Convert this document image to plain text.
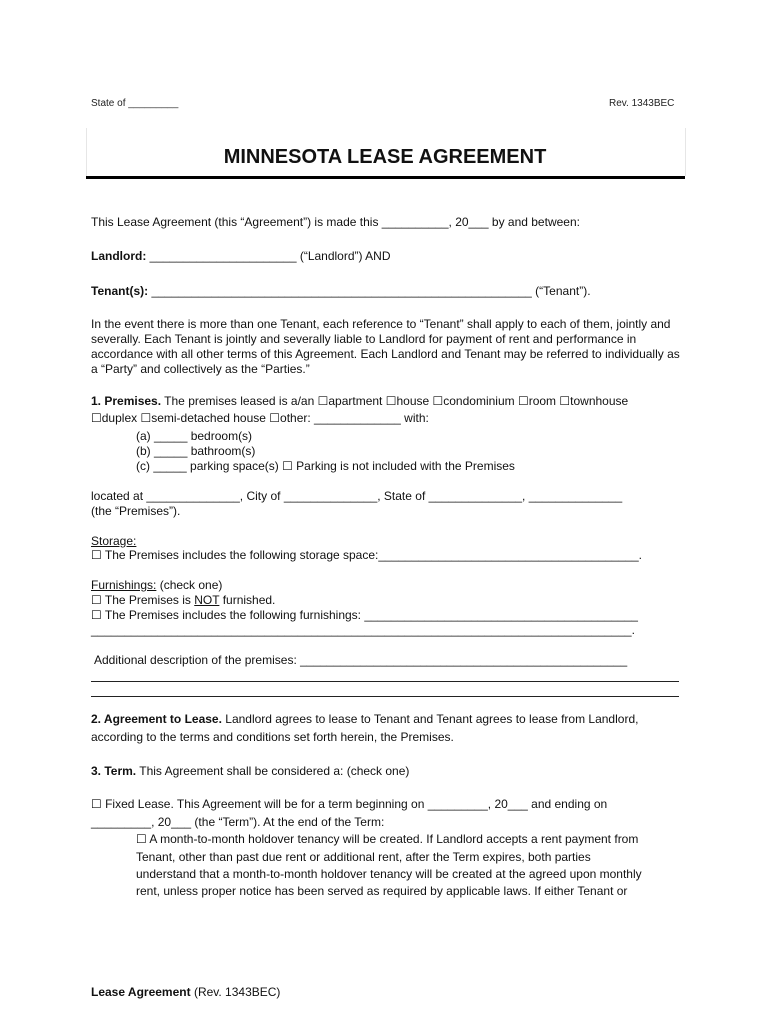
State of _________	Rev. 1343BEC
MINNESOTA LEASE AGREEMENT
This Lease Agreement (this “Agreement”) is made this __________, 20___ by and between:
Landlord: ______________________ (“Landlord”) AND
Tenant(s): _________________________________________________________ (“Tenant”).
In the event there is more than one Tenant, each reference to “Tenant” shall apply to each of them, jointly and severally. Each Tenant is jointly and severally liable to Landlord for payment of rent and performance in accordance with all other terms of this Agreement. Each Landlord and Tenant may be referred to individually as a “Party” and collectively as the “Parties.”
1. Premises. The premises leased is a/an ☐apartment ☐house ☐condominium ☐room ☐townhouse
☐duplex ☐semi-detached house ☐other: _____________ with:
(a) _____ bedroom(s)
(b) _____ bathroom(s)
(c) _____ parking space(s) ☐ Parking is not included with the Premises
located at ______________, City of ______________, State of ______________, ______________
(the “Premises”).
Storage:
☐ The Premises includes the following storage space:_______________________________________.
Furnishings: (check one)
☐ The Premises is NOT furnished.
☐ The Premises includes the following furnishings: _________________________________________
_________________________________________________________________________________.
Additional description of the premises: _________________________________________________
2. Agreement to Lease. Landlord agrees to lease to Tenant and Tenant agrees to lease from Landlord,
according to the terms and conditions set forth herein, the Premises.
3. Term. This Agreement shall be considered a: (check one)
☐ Fixed Lease. This Agreement will be for a term beginning on _________, 20___ and ending on
_________, 20___ (the “Term”). At the end of the Term:
☐ A month-to-month holdover tenancy will be created. If Landlord accepts a rent payment from
Tenant, other than past due rent or additional rent, after the Term expires, both parties
understand that a month-to-month holdover tenancy will be created at the agreed upon monthly
rent, unless proper notice has been served as required by applicable laws. If either Tenant or
Lease Agreement (Rev. 1343BEC)
